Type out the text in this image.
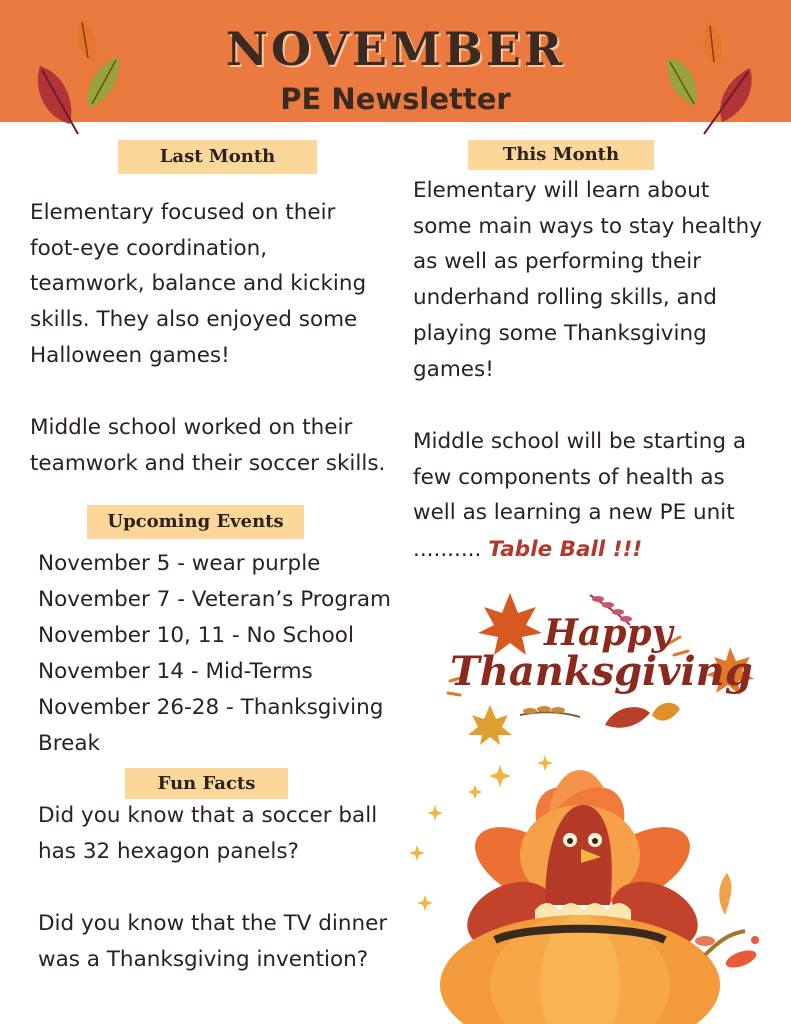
NOVEMBER
PE Newsletter
Last Month

Elementary focused on their
foot-eye coordination,
teamwork, balance and kicking
skills. They also enjoyed some
Halloween games!

Middle school worked on their
teamwork and their soccer skills.

This Month

Elementary will learn about
some main ways to stay healthy
as well as performing their
underhand rolling skills, and
playing some Thanksgiving
games!

Middle school will be starting a
few components of health as
well as learning a new PE unit

.......... Table Ball !!!
Upcoming Events
November 5 - wear purple
November 7 - Veteran’s Program
November 10, 11 - No School
November 14 - Mid-Terms
November 26-28 - Thanksgiving
Break
Fun Facts

Did you know that a soccer ball
has 32 hexagon panels?

Did you know that the TV dinner
was a Thanksgiving invention?

Happy
Thanksgiving
